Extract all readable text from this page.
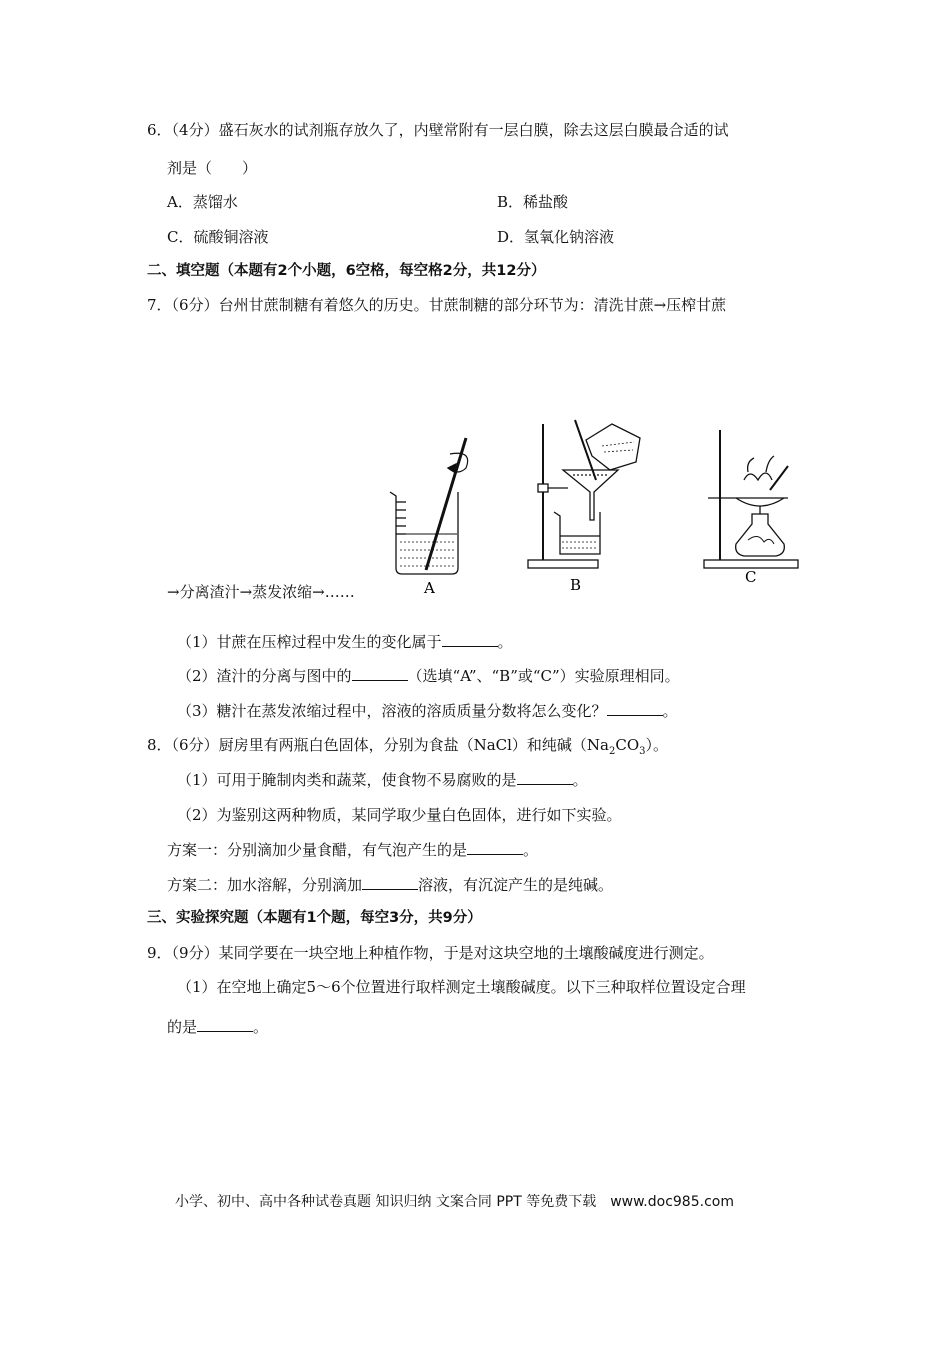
6．（4分）盛石灰水的试剂瓶存放久了，内壁常附有一层白膜，除去这层白膜最合适的试
剂是（　　）
A．蒸馏水	B．稀盐酸
C．硫酸铜溶液	D．氢氧化钠溶液
二、填空题（本题有2个小题，6空格，每空格2分，共12分）
7．（6分）台州甘蔗制糖有着悠久的历史。甘蔗制糖的部分环节为：清洗甘蔗→压榨甘蔗
A	B	C
→分离渣汁→蒸发浓缩→……
（1）甘蔗在压榨过程中发生的变化属于	。
（2）渣汁的分离与图中的	（选填“A”、“B”或“C”）实验原理相同。
（3）糖汁在蒸发浓缩过程中，溶液的溶质质量分数将怎么变化？	。
8．（6分）厨房里有两瓶白色固体，分别为食盐（NaCl）和纯碱$(Na_2CO_3)$。
（1）可用于腌制肉类和蔬菜，使食物不易腐败的是	。
（2）为鉴别这两种物质，某同学取少量白色固体，进行如下实验。
方案一：分别滴加少量食醋，有气泡产生的是	。
方案二：加水溶解，分别滴加	溶液，有沉淀产生的是纯碱。
三、实验探究题（本题有1个题，每空3分，共9分）
9．（9分）某同学要在一块空地上种植作物，于是对这块空地的土壤酸碱度进行测定。
（1）在空地上确定5～6个位置进行取样测定土壤酸碱度。以下三种取样位置设定合理
的是	。
小学、初中、高中各种试卷真题 知识归纳 文案合同 PPT 等免费下载　www.doc985.com
